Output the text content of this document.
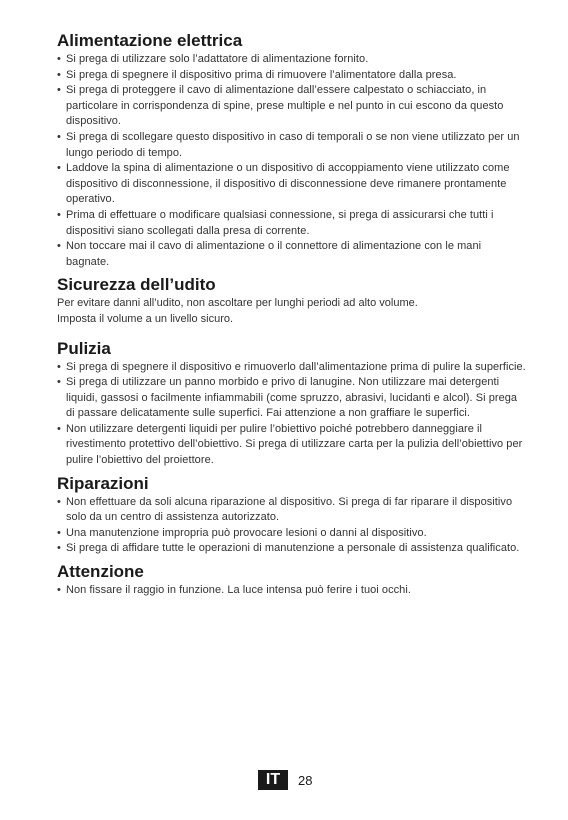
Alimentazione elettrica
• Si prega di utilizzare solo l’adattatore di alimentazione fornito.
• Si prega di spegnere il dispositivo prima di rimuovere l’alimentatore dalla presa.
• Si prega di proteggere il cavo di alimentazione dall’essere calpestato o schiacciato, in particolare in corrispondenza di spine, prese multiple e nel punto in cui escono da questo dispositivo.
• Si prega di scollegare questo dispositivo in caso di temporali o se non viene utilizzato per un lungo periodo di tempo.
• Laddove la spina di alimentazione o un dispositivo di accoppiamento viene utilizzato come dispositivo di disconnessione, il dispositivo di disconnessione deve rimanere prontamente operativo.
• Prima di effettuare o modificare qualsiasi connessione, si prega di assicurarsi che tutti i dispositivi siano scollegati dalla presa di corrente.
• Non toccare mai il cavo di alimentazione o il connettore di alimentazione con le mani bagnate.
Sicurezza dell’udito

Per evitare danni all’udito, non ascoltare per lunghi periodi ad alto volume.

Imposta il volume a un livello sicuro.

Pulizia
• Si prega di spegnere il dispositivo e rimuoverlo dall’alimentazione prima di pulire la superficie.
• Si prega di utilizzare un panno morbido e privo di lanugine. Non utilizzare mai detergenti liquidi, gassosi o facilmente infiammabili (come spruzzo, abrasivi, lucidanti e alcol). Si prega di passare delicatamente sulle superfici. Fai attenzione a non graffiare le superfici.
• Non utilizzare detergenti liquidi per pulire l’obiettivo poiché potrebbero danneggiare il rivestimento protettivo dell’obiettivo. Si prega di utilizzare carta per la pulizia dell’obiettivo per pulire l’obiettivo del proiettore.
Riparazioni
• Non effettuare da soli alcuna riparazione al dispositivo. Si prega di far riparare il dispositivo solo da un centro di assistenza autorizzato.
• Una manutenzione impropria può provocare lesioni o danni al dispositivo.
• Si prega di affidare tutte le operazioni di manutenzione a personale di assistenza qualificato.
Attenzione
• Non fissare il raggio in funzione. La luce intensa può ferire i tuoi occhi.
IT	28
